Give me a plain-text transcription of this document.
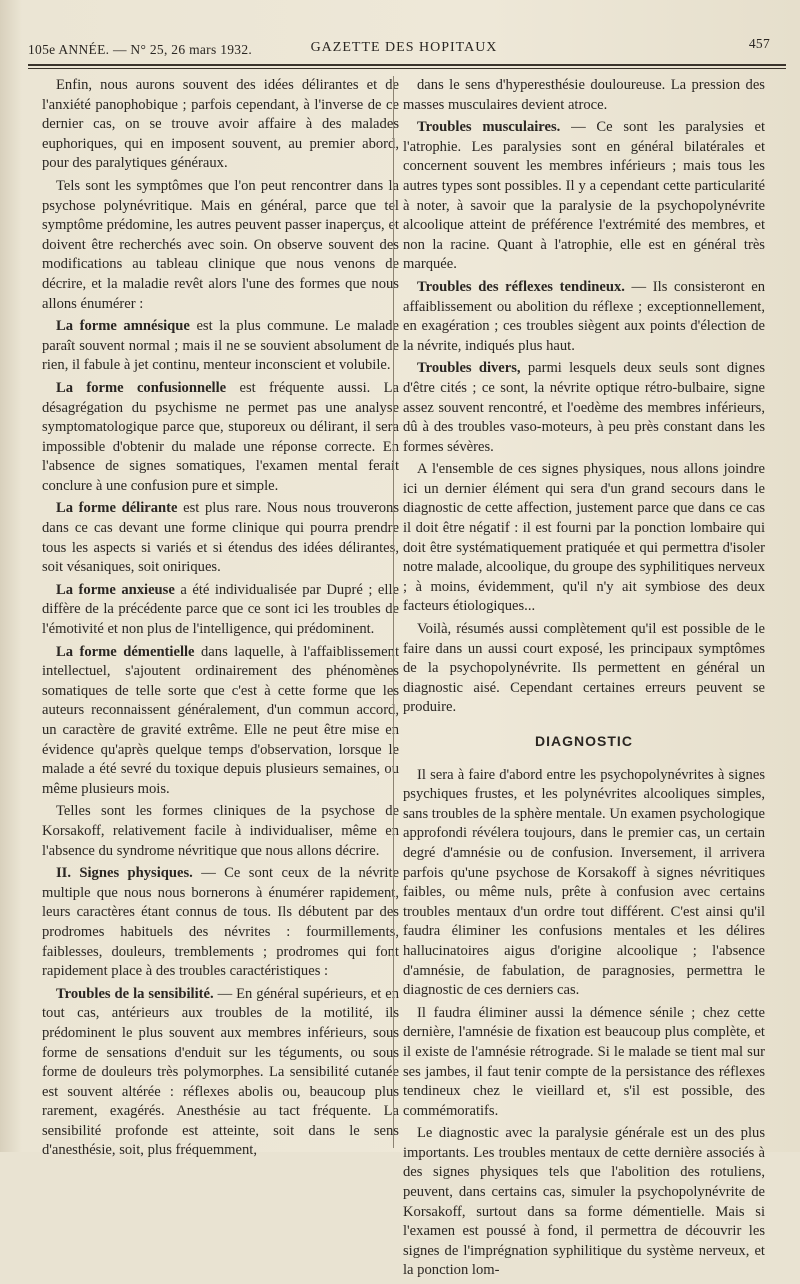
105e ANNÉE. — N° 25, 26 mars 1932.	GAZETTE DES HOPITAUX	457

Enfin, nous aurons souvent des idées délirantes et de l'anxiété panophobique ; parfois cependant, à l'inverse de ce dernier cas, on se trouve avoir affaire à des malades euphoriques, qui en imposent souvent, au premier abord, pour des paralytiques généraux.

Tels sont les symptômes que l'on peut rencontrer dans la psychose polynévritique. Mais en général, parce que tel symptôme prédomine, les autres peuvent passer inaperçus, et doivent être recherchés avec soin. On observe souvent des modifications au tableau clinique que nous venons de décrire, et la maladie revêt alors l'une des formes que nous allons énumérer :

La forme amnésique est la plus commune. Le malade paraît souvent normal ; mais il ne se souvient absolument de rien, il fabule à jet continu, menteur inconscient et volubile.

La forme confusionnelle est fréquente aussi. La désagrégation du psychisme ne permet pas une analyse symptomatologique parce que, stuporeux ou délirant, il sera impossible d'obtenir du malade une réponse correcte. En l'absence de signes somatiques, l'examen mental ferait conclure à une confusion pure et simple.

La forme délirante est plus rare. Nous nous trouverons dans ce cas devant une forme clinique qui pourra prendre tous les aspects si variés et si étendus des idées délirantes, soit vésaniques, soit oniriques.

La forme anxieuse a été individualisée par Dupré ; elle diffère de la précédente parce que ce sont ici les troubles de l'émotivité et non plus de l'intelligence, qui prédominent.

La forme démentielle dans laquelle, à l'affaiblissement intellectuel, s'ajoutent ordinairement des phénomènes somatiques de telle sorte que c'est à cette forme que les auteurs reconnaissent généralement, d'un commun accord, un caractère de gravité extrême. Elle ne peut être mise en évidence qu'après quelque temps d'observation, lorsque le malade a été sevré du toxique depuis plusieurs semaines, ou même plusieurs mois.

Telles sont les formes cliniques de la psychose de Korsakoff, relativement facile à individualiser, même en l'absence du syndrome névritique que nous allons décrire.

II. Signes physiques. — Ce sont ceux de la névrite multiple que nous nous bornerons à énumérer rapidement, leurs caractères étant connus de tous. Ils débutent par des prodromes habituels des névrites : fourmillements, faiblesses, douleurs, tremblements ; prodromes qui font rapidement place à des troubles caractéristiques :

Troubles de la sensibilité. — En général supérieurs, et en tout cas, antérieurs aux troubles de la motilité, ils prédominent le plus souvent aux membres inférieurs, sous forme de sensations d'enduit sur les téguments, ou sous forme de douleurs très polymorphes. La sensibilité cutanée est souvent altérée : réflexes abolis ou, beaucoup plus rarement, exagérés. Anesthésie au tact fréquente. La sensibilité profonde est atteinte, soit dans le sens d'anesthésie, soit, plus fréquemment,

dans le sens d'hyperesthésie douloureuse. La pression des masses musculaires devient atroce.

Troubles musculaires. — Ce sont les paralysies et l'atrophie. Les paralysies sont en général bilatérales et concernent souvent les membres inférieurs ; mais tous les autres types sont possibles. Il y a cependant cette particularité à noter, à savoir que la paralysie de la psychopolynévrite alcoolique atteint de préférence l'extrémité des membres, et non la racine. Quant à l'atrophie, elle est en général très marquée.

Troubles des réflexes tendineux. — Ils consisteront en affaiblissement ou abolition du réflexe ; exceptionnellement, en exagération ; ces troubles siègent aux points d'élection de la névrite, indiqués plus haut.

Troubles divers, parmi lesquels deux seuls sont dignes d'être cités ; ce sont, la névrite optique rétro-bulbaire, signe assez souvent rencontré, et l'oedème des membres inférieurs, dû à des troubles vaso-moteurs, à peu près constant dans les formes sévères.

A l'ensemble de ces signes physiques, nous allons joindre ici un dernier élément qui sera d'un grand secours dans le diagnostic de cette affection, justement parce que dans ce cas il doit être négatif : il est fourni par la ponction lombaire qui doit être systématiquement pratiquée et qui permettra d'isoler notre malade, alcoolique, du groupe des syphilitiques nerveux ; à moins, évidemment, qu'il n'y ait symbiose des deux facteurs étiologiques...

Voilà, résumés aussi complètement qu'il est possible de le faire dans un aussi court exposé, les principaux symptômes de la psychopolynévrite. Ils permettent en général un diagnostic aisé. Cependant certaines erreurs peuvent se produire.

DIAGNOSTIC

Il sera à faire d'abord entre les psychopolynévrites à signes psychiques frustes, et les polynévrites alcooliques simples, sans troubles de la sphère mentale. Un examen psychologique approfondi révélera toujours, dans le premier cas, un certain degré d'amnésie ou de confusion. Inversement, il arrivera parfois qu'une psychose de Korsakoff à signes névritiques faibles, ou même nuls, prête à confusion avec certains troubles mentaux d'un ordre tout différent. C'est ainsi qu'il faudra éliminer les confusions mentales et les délires hallucinatoires aigus d'origine alcoolique ; l'absence d'amnésie, de fabulation, de paragnosies, permettra le diagnostic de ces derniers cas.

Il faudra éliminer aussi la démence sénile ; chez cette dernière, l'amnésie de fixation est beaucoup plus complète, et il existe de l'amnésie rétrograde. Si le malade se tient mal sur ses jambes, il faut tenir compte de la persistance des réflexes tendineux chez le vieillard et, s'il est possible, des commémoratifs.

Le diagnostic avec la paralysie générale est un des plus importants. Les troubles mentaux de cette dernière associés à des signes physiques tels que l'abolition des rotuliens, peuvent, dans certains cas, simuler la psychopolynévrite de Korsakoff, surtout dans sa forme démentielle. Mais si l'examen est poussé à fond, il permettra de découvrir les signes de l'imprégnation syphilitique du système nerveux, et la ponction lom-
